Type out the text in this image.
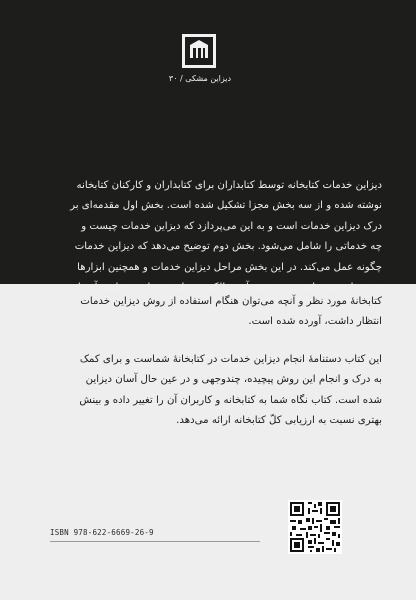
دیزاین مشکی / ۳۰

دیزاین خدمات کتابخانه توسط کتابداران برای کتابداران و کارکنان کتابخانه
نوشته شده و از سه بخش مجزا تشکیل شده است. بخش اول مقدمه‌ای بر
درک دیزاین خدمات است و به این می‌پردازد که دیزاین خدمات چیست و
چه خدماتی را شامل می‌شود. بخش دوم توضیح می‌دهد که دیزاین خدمات
چگونه عمل می‌کند. در این بخش مراحل دیزاین خدمات و همچنین ابزارها
شرح داده شده است. در بخش آخر مالکیت دیزاین خدمات و تطبیق آن با

کتابخانهٔ مورد نظر و آنچه می‌توان هنگام استفاده از روش دیزاین خدمات
انتظار داشت، آورده شده است.

این کتاب دستنامهٔ انجام دیزاین خدمات در کتابخانهٔ شماست و برای کمک
به درک و انجام این روش پیچیده، چندوجهی و در عین حال آسان دیزاین
شده است. کتاب نگاه شما به کتابخانه و کاربران آن را تغییر داده و بینش
بهتری نسبت به ارزیابی کلّ کتابخانه ارائه می‌دهد.

ISBN 978-622-6669-26-9
